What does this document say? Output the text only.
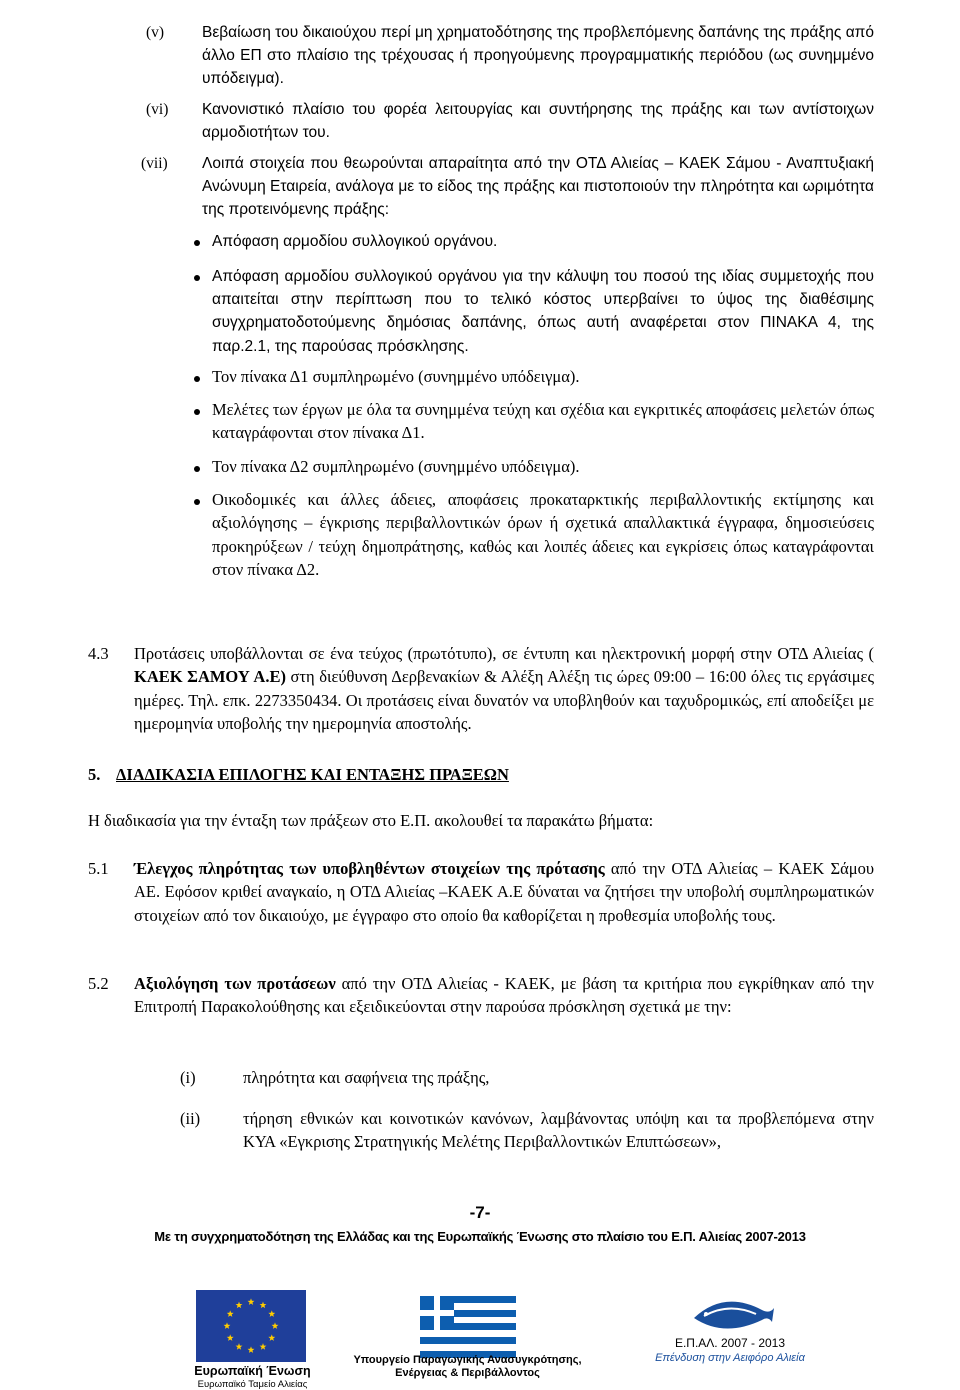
(v) Βεβαίωση του δικαιούχου περί μη χρηματοδότησης της προβλεπόμενης δαπάνης της πράξης από άλλο ΕΠ στο πλαίσιο της τρέχουσας ή προηγούμενης προγραμματικής περιόδου (ως συνημμένο υπόδειγμα).
(vi) Κανονιστικό πλαίσιο του φορέα λειτουργίας και συντήρησης της πράξης και των αντίστοιχων αρμοδιοτήτων του.
(vii) Λοιπά στοιχεία που θεωρούνται απαραίτητα από την ΟΤΔ Αλιείας – ΚΑΕΚ Σάμου - Αναπτυξιακή Ανώνυμη Εταιρεία, ανάλογα με το είδος της πράξης και πιστοποιούν την πληρότητα και ωριμότητα της προτεινόμενης πράξης:
Απόφαση αρμοδίου συλλογικού οργάνου.
Απόφαση αρμοδίου συλλογικού οργάνου για την κάλυψη του ποσού της ιδίας συμμετοχής που απαιτείται στην περίπτωση που το τελικό κόστος υπερβαίνει το ύψος της διαθέσιμης συγχρηματοδοτούμενης δημόσιας δαπάνης, όπως αυτή αναφέρεται στον ΠΙΝΑΚΑ 4, της παρ.2.1, της παρούσας πρόσκλησης.
Τον πίνακα Δ1 συμπληρωμένο (συνημμένο υπόδειγμα).
Μελέτες των έργων με όλα τα συνημμένα τεύχη και σχέδια και εγκριτικές αποφάσεις μελετών όπως καταγράφονται στον πίνακα Δ1.
Τον πίνακα Δ2 συμπληρωμένο (συνημμένο υπόδειγμα).
Οικοδομικές και άλλες άδειες, αποφάσεις προκαταρκτικής περιβαλλοντικής εκτίμησης και αξιολόγησης – έγκρισης περιβαλλοντικών όρων ή σχετικά απαλλακτικά έγγραφα, δημοσιεύσεις προκηρύξεων / τεύχη δημοπράτησης, καθώς και λοιπές άδειες και εγκρίσεις όπως καταγράφονται στον πίνακα Δ2.
4.3 Προτάσεις υποβάλλονται σε ένα τεύχος (πρωτότυπο), σε έντυπη και ηλεκτρονική μορφή στην ΟΤΔ Αλιείας ( ΚΑΕΚ ΣΑΜΟΥ Α.Ε) στη διεύθυνση Δερβενακίων & Αλέξη Αλέξη τις ώρες 09:00 – 16:00 όλες τις εργάσιμες ημέρες. Τηλ. επκ. 2273350434. Οι προτάσεις είναι δυνατόν να υποβληθούν και ταχυδρομικώς, επί αποδείξει με ημερομηνία υποβολής την ημερομηνία αποστολής.
5. ΔΙΑΔΙΚΑΣΙΑ ΕΠΙΛΟΓΗΣ ΚΑΙ ΕΝΤΑΞΗΣ ΠΡΑΞΕΩΝ
Η διαδικασία για την ένταξη των πράξεων στο Ε.Π. ακολουθεί τα παρακάτω βήματα:
5.1 Έλεγχος πληρότητας των υποβληθέντων στοιχείων της πρότασης από την ΟΤΔ Αλιείας – ΚΑΕΚ Σάμου ΑΕ. Εφόσον κριθεί αναγκαίο, η ΟΤΔ Αλιείας –ΚΑΕΚ Α.Ε δύναται να ζητήσει την υποβολή συμπληρωματικών στοιχείων από τον δικαιούχο, με έγγραφο στο οποίο θα καθορίζεται η προθεσμία υποβολής τους.
5.2 Αξιολόγηση των προτάσεων από την ΟΤΔ Αλιείας - ΚΑΕΚ, με βάση τα κριτήρια που εγκρίθηκαν από την Επιτροπή Παρακολούθησης και εξειδικεύονται στην παρούσα πρόσκληση σχετικά με την:
(i)	πληρότητα και σαφήνεια της πράξης,
(ii)	τήρηση εθνικών και κοινοτικών κανόνων, λαμβάνοντας υπόψη και τα προβλεπόμενα στην ΚΥΑ «Εγκρισης Στρατηγικής Μελέτης Περιβαλλοντικών Επιπτώσεων»,
-7-
Με τη συγχρηματοδότηση της Ελλάδας και της Ευρωπαϊκής Ένωσης στο πλαίσιο του Ε.Π. Αλιείας 2007-2013
Ευρωπαϊκή Ένωση
Ευρωπαϊκό Ταμείο Αλιείας
Υπουργείο Παραγωγικής Ανασυγκρότησης, Ενέργειας & Περιβάλλοντος
Ε.Π.ΑΛ. 2007 - 2013
Επένδυση στην Αειφόρο Αλιεία
